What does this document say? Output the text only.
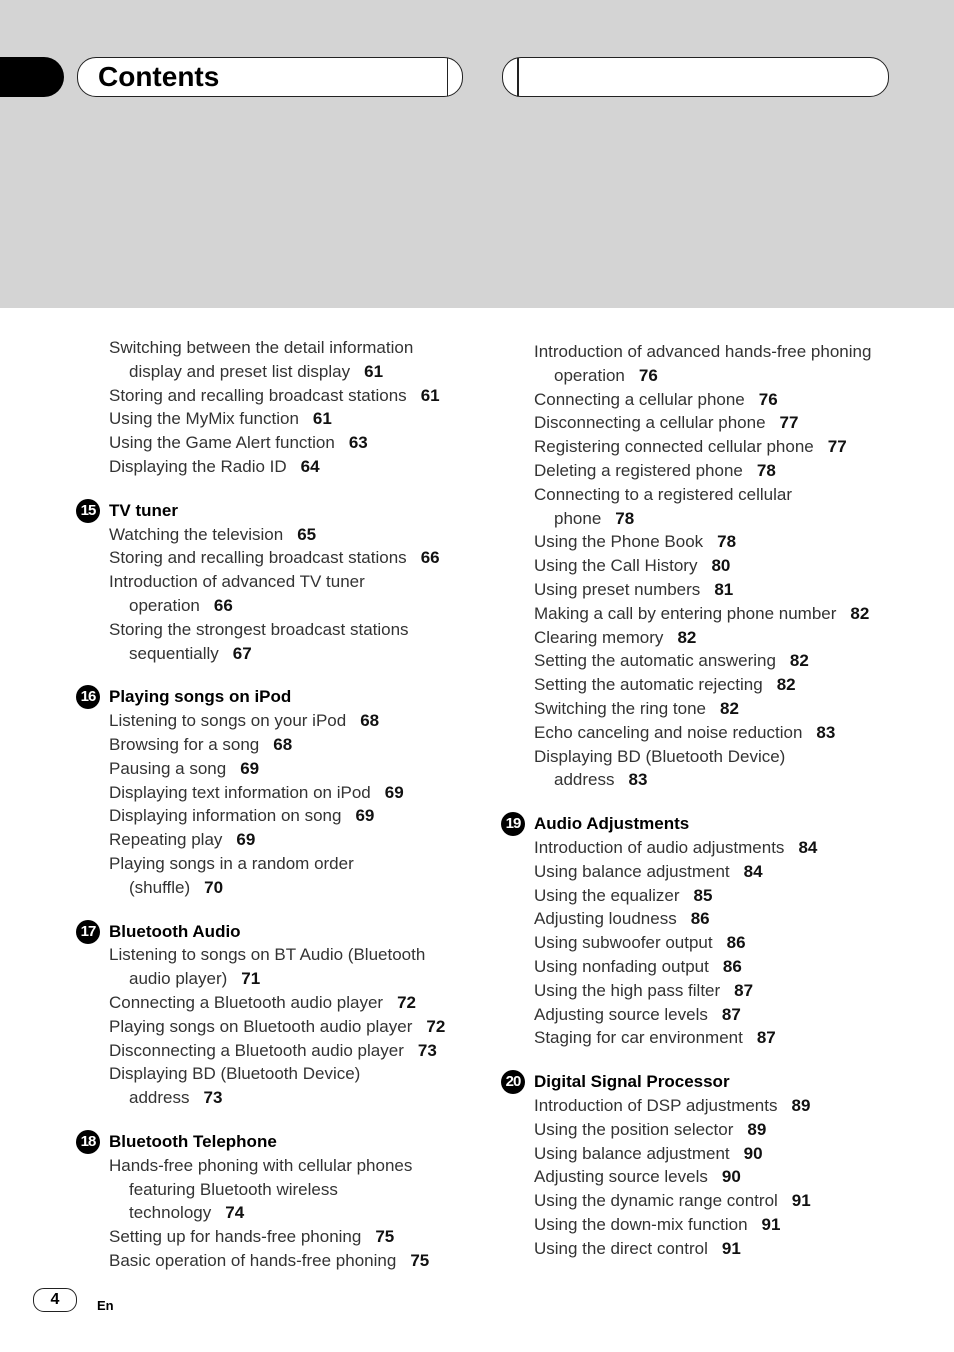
Contents
Switching between the detail information
display and preset list display 61
Storing and recalling broadcast stations 61
Using the MyMix function 61
Using the Game Alert function 63
Displaying the Radio ID 64
15 TV tuner
Watching the television 65
Storing and recalling broadcast stations 66
Introduction of advanced TV tuner
operation 66
Storing the strongest broadcast stations
sequentially 67
16 Playing songs on iPod
Listening to songs on your iPod 68
Browsing for a song 68
Pausing a song 69
Displaying text information on iPod 69
Displaying information on song 69
Repeating play 69
Playing songs in a random order
(shuffle) 70
17 Bluetooth Audio
Listening to songs on BT Audio (Bluetooth
audio player) 71
Connecting a Bluetooth audio player 72
Playing songs on Bluetooth audio player 72
Disconnecting a Bluetooth audio player 73
Displaying BD (Bluetooth Device)
address 73
18 Bluetooth Telephone
Hands-free phoning with cellular phones
featuring Bluetooth wireless
technology 74
Setting up for hands-free phoning 75
Basic operation of hands-free phoning 75
Introduction of advanced hands-free phoning
operation 76
Connecting a cellular phone 76
Disconnecting a cellular phone 77
Registering connected cellular phone 77
Deleting a registered phone 78
Connecting to a registered cellular
phone 78
Using the Phone Book 78
Using the Call History 80
Using preset numbers 81
Making a call by entering phone number 82
Clearing memory 82
Setting the automatic answering 82
Setting the automatic rejecting 82
Switching the ring tone 82
Echo canceling and noise reduction 83
Displaying BD (Bluetooth Device)
address 83
19 Audio Adjustments
Introduction of audio adjustments 84
Using balance adjustment 84
Using the equalizer 85
Adjusting loudness 86
Using subwoofer output 86
Using nonfading output 86
Using the high pass filter 87
Adjusting source levels 87
Staging for car environment 87
20 Digital Signal Processor
Introduction of DSP adjustments 89
Using the position selector 89
Using balance adjustment 90
Adjusting source levels 90
Using the dynamic range control 91
Using the down-mix function 91
Using the direct control 91
4	En
